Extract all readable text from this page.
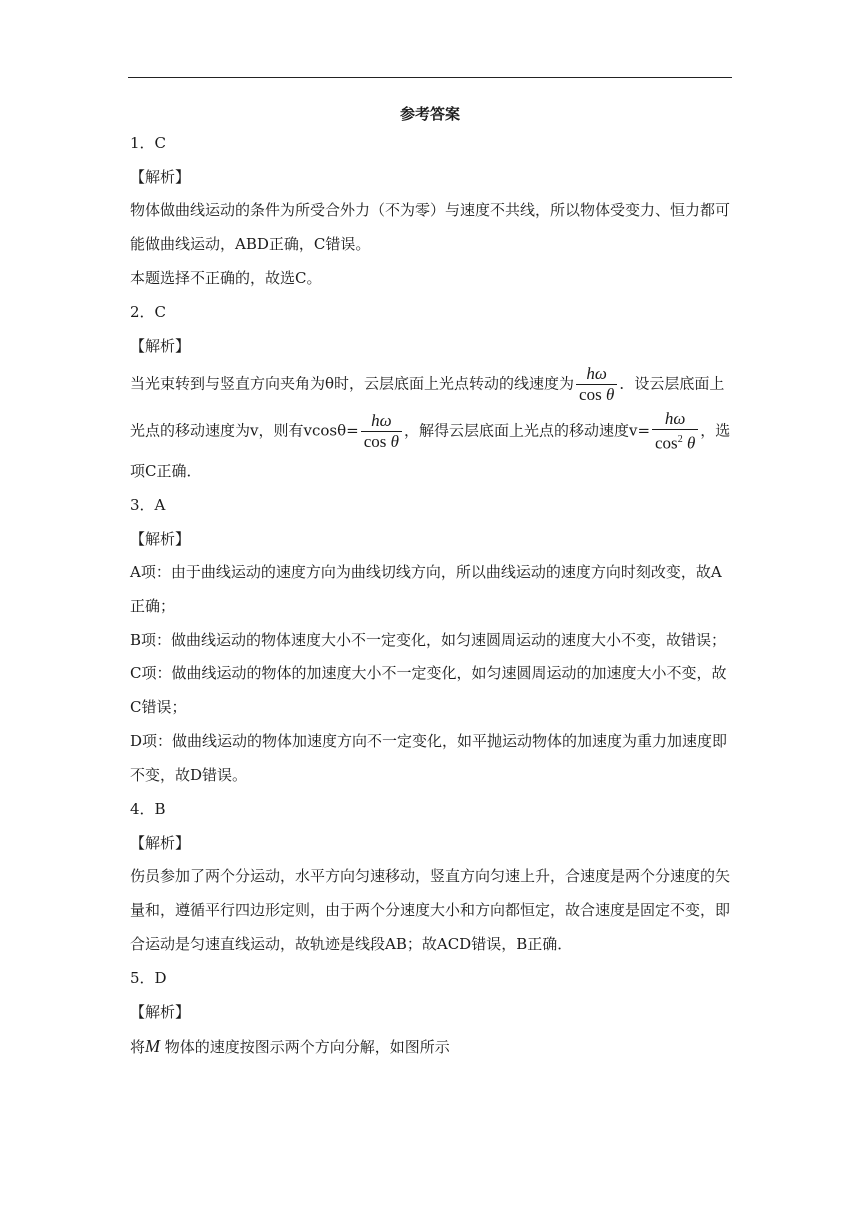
参考答案
1．C
【解析】
物体做曲线运动的条件为所受合外力（不为零）与速度不共线，所以物体受变力、恒力都可
能做曲线运动，ABD正确，C错误。
本题选择不正确的，故选C。
2．C
【解析】
当光束转到与竖直方向夹角为θ时，云层底面上光点转动的线速度为 $\frac{h\omega}{\text{cos θ}}$ ．设云层底面上
光点的移动速度为v，则有$vcos\theta= \frac{h\omega}{\text{cos θ}}$ ，解得云层底面上光点的移动速度$v= \frac{h\omega}{\cos^2 \theta}$ ，选
项C正确．
3．A
【解析】
A项：由于曲线运动的速度方向为曲线切线方向，所以曲线运动的速度方向时刻改变，故A
正确；
B项：做曲线运动的物体速度大小不一定变化，如匀速圆周运动的速度大小不变，故错误；
C项：做曲线运动的物体的加速度大小不一定变化，如匀速圆周运动的加速度大小不变，故
C错误；
D项：做曲线运动的物体加速度方向不一定变化，如平抛运动物体的加速度为重力加速度即
不变，故D错误。
4．B
【解析】
伤员参加了两个分运动，水平方向匀速移动，竖直方向匀速上升，合速度是两个分速度的矢
量和，遵循平行四边形定则，由于两个分速度大小和方向都恒定，故合速度是固定不变，即
合运动是匀速直线运动，故轨迹是线段AB；故ACD错误，B正确．
5．D
【解析】
将M 物体的速度按图示两个方向分解，如图所示
